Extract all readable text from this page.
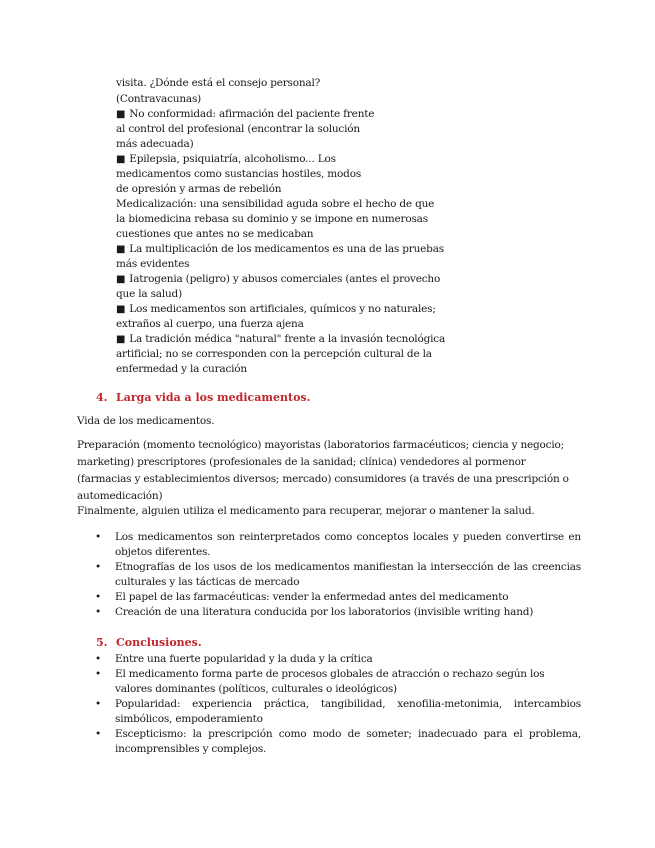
visita. ¿Dónde está el consejo personal?
(Contravacunas)
■ No conformidad: afirmación del paciente frente
al control del profesional (encontrar la solución
más adecuada)
■ Epilepsia, psiquiatría, alcoholismo... Los
medicamentos como sustancias hostiles, modos
de opresión y armas de rebelión
Medicalización: una sensibilidad aguda sobre el hecho de que
la biomedicina rebasa su dominio y se impone en numerosas
cuestiones que antes no se medicaban
■ La multiplicación de los medicamentos es una de las pruebas
más evidentes
■ Iatrogenia (peligro) y abusos comerciales (antes el provecho
que la salud)
■ Los medicamentos son artificiales, químicos y no naturales;
extraños al cuerpo, una fuerza ajena
■ La tradición médica "natural" frente a la invasión tecnológica
artificial; no se corresponden con la percepción cultural de la
enfermedad y la curación
4. Larga vida a los medicamentos.
Vida de los medicamentos.
Preparación (momento tecnológico) mayoristas (laboratorios farmacéuticos; ciencia y negocio; marketing) prescriptores (profesionales de la sanidad; clínica) vendedores al pormenor (farmacias y establecimientos diversos; mercado) consumidores (a través de una prescripción o automedicación)
Finalmente, alguien utiliza el medicamento para recuperar, mejorar o mantener la salud.
• Los medicamentos son reinterpretados como conceptos locales y pueden convertirse en objetos diferentes.
• Etnografías de los usos de los medicamentos manifiestan la intersección de las creencias culturales y las tácticas de mercado
• El papel de las farmacéuticas: vender la enfermedad antes del medicamento
• Creación de una literatura conducida por los laboratorios (invisible writing hand)
5. Conclusiones.
• Entre una fuerte popularidad y la duda y la crítica
• El medicamento forma parte de procesos globales de atracción o rechazo según los
valores dominantes (políticos, culturales o ideológicos)
• Popularidad: experiencia práctica, tangibilidad, xenofilia-metonimia, intercambios simbólicos, empoderamiento
• Escepticismo: la prescripción como modo de someter; inadecuado para el problema, incomprensibles y complejos.
